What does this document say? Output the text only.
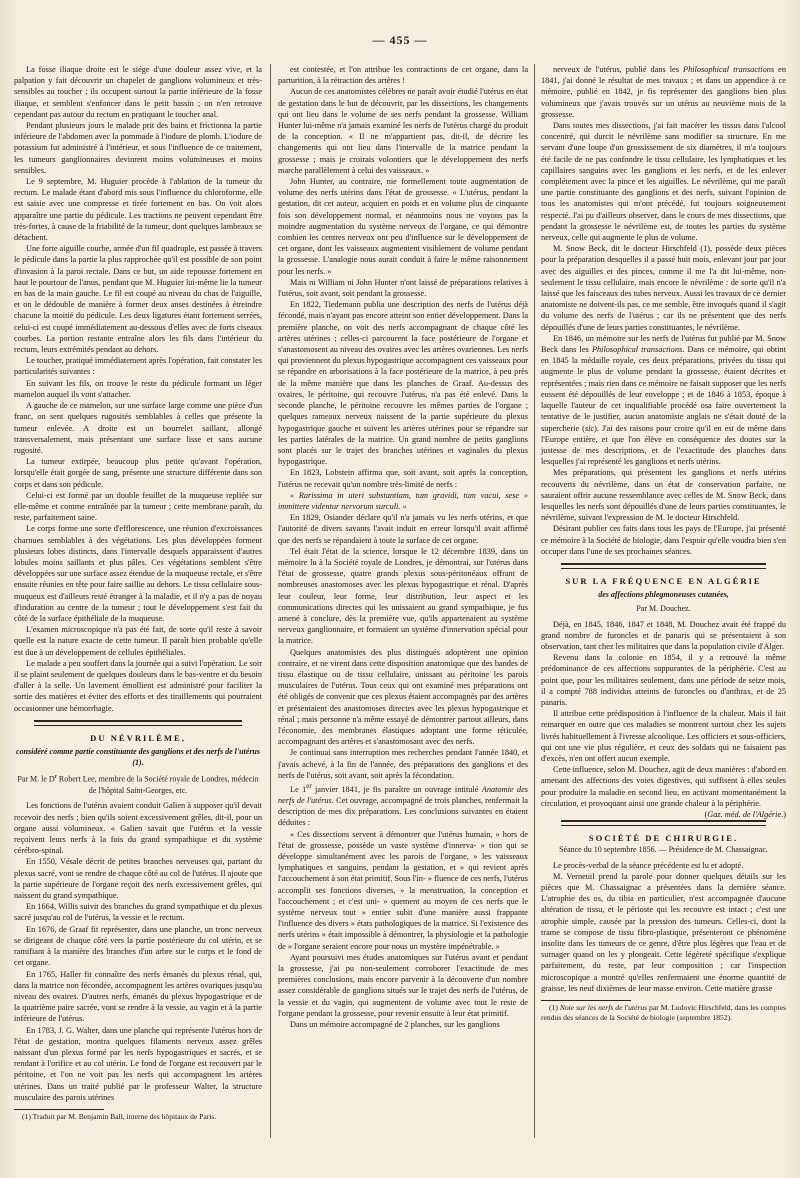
— 455 —

La fosse iliaque droite est le siége d'une douleur assez vive, et la palpation y fait découvrir un chapelet de ganglions volumineux et très-sensibles au toucher ; ils occupent surtout la partie inférieure de la fosse iliaque, et semblent s'enfoncer dans le petit bassin ; on n'en retrouve cependant pas autour du rectum en pratiquant le toucher anal.

Pendant plusieurs jours le malade prit des bains et frictionna la partie inférieure de l'abdomen avec la pommade à l'iodure de plomb. L'iodure de potassium fut administré à l'intérieur, et sous l'influence de ce traitement, les tumeurs ganglionnaires devinrent moins volumineuses et moins sensibles.

Le 9 septembre, M. Huguier procède à l'ablation de la tumeur du rectum. Le malade étant d'abord mis sous l'influence du chloroforme, elle est saisie avec une compresse et tirée fortement en bas. On voit alors apparaître une partie du pédicule. Les tractions ne peuvent cependant être très-fortes, à cause de la friabilité de la tumeur, dont quelques lambeaux se détachent.

Une forte aiguille courbe, armée d'un fil quadruple, est passée à travers le pédicule dans la partie la plus rapprochée qu'il est possible de son point d'invasion à la paroi rectale. Dans ce but, un aide repousse fortement en haut le pourtour de l'anus, pendant que M. Huguier lui-même lie la tumeur en bas de la main gauche. Le fil est coupé au niveau du chas de l'aiguille, et on le dédouble de manière à former deux anses destinées à étreindre chacune la moitié du pédicule. Les deux ligatures étant fortement serrées, celui-ci est coupé immédiatement au-dessous d'elles avec de forts ciseaux courbes. La portion restante entraîne alors les fils dans l'intérieur du rectum, leurs extrémités pendant au dehors.

Le toucher, pratiqué immédiatement après l'opération, fait constater les particularités suivantes :

En suivant les fils, on trouve le reste du pédicule formant un léger mamelon auquel ils vont s'attacher.

A gauche de ce mamelon, sur une surface large comme une pièce d'un franc, on sent quelques rugosités semblables à celles que présente la tumeur enlevée. A droite est un bourrelet saillant, allongé transversalement, mais présentant une surface lisse et sans aucune rugosité.

La tumeur extirpée, beaucoup plus petite qu'avant l'opération, lorsqu'elle était gorgée de sang, présente une structure différente dans son corps et dans son pédicule.

Celui-ci est formé par un double feuillet de la muqueuse repliée sur elle-même et comme entraînée par la tumeur ; cette membrane paraît, du reste, parfaitement saine.

Le corps forme une sorte d'efflorescence, une réunion d'excroissances charnues semblables à des végétations. Les plus développées forment plusieurs lobes distincts, dans l'intervalle desquels apparaissent d'autres lobules moins saillants et plus pâles. Ces végétations semblent s'être développées sur une surface assez étendue de la muqueuse rectale, et s'être ensuite réunies en tête pour faire saillie au dehors. Le tissu cellulaire sous-muqueux est d'ailleurs resté étranger à la maladie, et il n'y a pas de noyau d'induration au centre de la tumeur ; tout le développement s'est fait du côté de la surface épithéliale de la muqueuse.

L'examen microscopique n'a pas été fait, de sorte qu'il reste à savoir quelle est la nature exacte de cette tumeur. Il paraît bien probable qu'elle est due à un développement de cellules épithéliales.

Le malade a peu souffert dans la journée qui a suivi l'opération. Le soir il se plaint seulement de quelques douleurs dans le bas-ventre et du besoin d'aller à la selle. Un lavement émollient est administré pour faciliter la sortie des matières et éviter des efforts et des tiraillements qui pourraient occasionner une hémorrhagie.

DU NÉVRILÈME,

considéré comme partie constituante des ganglions et des nerfs de l'utérus (1).

Par M. le $D^r$ Robert Lee, membre de la Société royale de Londres, médecin de l'hôpital Saint-Georges, etc.

Les fonctions de l'utérus avaient conduit Galien à supposer qu'il devait recevoir des nerfs ; bien qu'ils soient excessivement grêles, dit-il, pour un organe aussi volumineux. « Galien savait que l'utérus et la vessie reçoivent leurs nerfs à la fois du grand sympathique et du système cérébro-spinal.

En 1550, Vésale décrit de petites branches nerveuses qui, partant du plexus sacré, vont se rendre de chaque côté au col de l'utérus. Il ajoute que la partie supérieure de l'organe reçoit des nerfs excessivement grêles, qui naissent du grand sympathique.

En 1664, Willis suivit des branches du grand sympathique et du plexus sacré jusqu'au col de l'utérus, la vessie et le rectum.

En 1676, de Graaf fit représenter, dans une planche, un tronc nerveux se dirigeant de chaque côté vers la partie postérieure du col utérin, et se ramifiant à la manière des branches d'un arbre sur le corps et le fond de cet organe.

En 1765, Haller fit connaître des nerfs émanés du plexus rénal, qui, dans la matrice non fécondée, accompagnent les artères ovariques jusqu'au niveau des ovaires. D'autres nerfs, émanés du plexus hypogastrique et de la quatrième paire sacrée, vont se rendre à la vessie, au vagin et à la partie inférieure de l'utérus.

En 1783, J. G. Walter, dans une planche qui représente l'utérus hors de l'état de gestation, montra quelques filaments nerveux assez grêles naissant d'un plexus formé par les nerfs hypogastriques et sacrés, et se rendant à l'orifice et au col utérin. Le fond de l'organe est recouvert par le péritoine, et l'on ne voit pas les nerfs qui accompagnent les artères utérines. Dans un traité publié par le professeur Walter, la structure musculaire des parois utérines

(1) Traduit par M. Benjamin Ball, interne des hôpitaux de Paris.

est contestée, et l'on attribue les contractions de cet organe, dans la parturition, à la rétraction des artères !

Aucun de ces anatomistes célèbres ne paraît avoir étudié l'utérus en état de gestation dans le but de découvrir, par les dissections, les changements qui ont lieu dans le volume de ses nerfs pendant la grossesse. William Hunter lui-même n'a jamais examiné les nerfs de l'utérus chargé du produit de la conception. « Il ne m'appartient pas, dit-il, de décrire les changements qui ont lieu dans l'intervalle de la matrice pendant la grossesse ; mais je croirais volontiers que le développement des nerfs marche parallèlement à celui des vaisseaux. »

John Hunter, au contraire, nie formellement toute augmentation de volume des nerfs utérins dans l'état de grossesse. « L'utérus, pendant la gestation, dit cet auteur, acquiert en poids et en volume plus de cinquante fois son développement normal, et néanmoins nous ne voyons pas la moindre augmentation du système nerveux de l'organe, ce qui démontre combien les centres nerveux ont peu d'influence sur le développement de cet organe, dont les vaisseaux augmentent visiblement de volume pendant la grossesse. L'analogie nous aurait conduit à faire le même raisonnement pour les nerfs. »

Mais ni William ni John Hunter n'ont laissé de préparations relatives à l'utérus, soit avant, soit pendant la grossesse.

En 1822, Tiedemann publia une description des nerfs de l'utérus déjà fécondé, mais n'ayant pas encore atteint son entier développement. Dans la première planche, on voit des nerfs accompagnant de chaque côté les artères utérines ; celles-ci parcourent la face postérieure de l'organe et s'anastomosent au niveau des ovaires avec les artères ovariennes. Les nerfs qui proviennent du plexus hypogastrique accompagnent ces vaisseaux pour se répandre en arborisations à la face postérieure de la matrice, à peu près de la même manière que dans les planches de Graaf. Au-dessus des ovaires, le péritoine, qui recouvre l'utérus, n'a pas été enlevé. Dans la seconde planche, le péritoine recouvre les mêmes parties de l'organe ; quelques rameaux nerveux naissent de la partie supérieure du plexus hypogastrique gauche et suivent les artères utérines pour se répandre sur les parties latérales de la matrice. Un grand nombre de petits ganglions sont placés sur le trajet des branches utérines et vaginales du plexus hypogastrique.

En 1823, Lobstein affirma que, soit avant, soit après la conception, l'utérus ne recevait qu'un nombre très-limité de nerfs :

« Rarissima in uteri substantiam, tum gravidi, tum vacui, sese » immittere videntur nervorum surculi. »

En 1829, Osiander déclare qu'il n'a jamais vu les nerfs utérins, et que l'autorité de divers savants l'avait induit en erreur lorsqu'il avait affirmé que des nerfs se répandaient à toute la surface de cet organe.

Tel était l'état de la science, lorsque le 12 décembre 1839, dans un mémoire lu à la Société royale de Londres, je démontrai, sur l'utérus dans l'état de grossesse, quatre grands plexus sous-péritonéaux offrant de nombreuses anastomoses avec les plexus hypogastrique et rénal. D'après leur couleur, leur forme, leur distribution, leur aspect et les communications directes qui les unissaient au grand sympathique, je fus amené à conclure, dès la première vue, qu'ils appartenaient au système nerveux ganglionnaire, et formaient un système d'innervation spécial pour la matrice.

Quelques anatomistes des plus distingués adoptèrent une opinion contraire, et ne virent dans cette disposition anatomique que des bandes de tissu élastique ou de tissu cellulaire, unissant au péritoine les parois musculaires de l'utérus. Tous ceux qui ont examiné mes préparations ont été obligés de convenir que ces plexus étaient accompagnés par des artères et présentaient des anastomoses directes avec les plexus hypogastrique et rénal ; mais personne n'a même essayé de démontrer partout ailleurs, dans l'économie, des membranes élastiques adoptant une forme réticulée, accompagnant des artères et s'anastomosant avec des nerfs.

Je continuai sans interruption mes recherches pendant l'année 1840, et j'avais achevé, à la fin de l'année, des préparations des ganglions et des nerfs de l'utérus, soit avant, soit après la fécondation.

Le 1er janvier 1841, je fis paraître un ouvrage intitulé Anatomie des nerfs de l'utérus. Cet ouvrage, accompagné de trois planches, renfermait la description de mes dix préparations. Les conclusions suivantes en étaient déduites :

« Ces dissections servent à démontrer que l'utérus humain, » hors de l'état de grossesse, possède un vaste système d'innerva- » tion qui se développe simultanément avec les parois de l'organe, » les vaisseaux lymphatiques et sanguins, pendant la gestation, et » qui revient après l'accouchement à son état primitif. Sous l'in- » fluence de ces nerfs, l'utérus accomplit ses fonctions diverses, » la menstruation, la conception et l'accouchement ; et c'est uni- » quement au moyen de ces nerfs que le système nerveux tout » entier subit d'une manière aussi frappante l'influence des divers » états pathologiques de la matrice. Si l'existence des nerfs utérins » était impossible à démontrer, la physiologie et la pathologie de » l'organe seraient encore pour nous un mystère impénétrable. »

Ayant poursuivi mes études anatomiques sur l'utérus avant et pendant la grossesse, j'ai pu non-seulement corroborer l'exactitude de mes premières conclusions, mais encore parvenir à la découverte d'un nombre assez considérable de ganglions situés sur le trajet des nerfs de l'utérus, de la vessie et du vagin, qui augmentent de volume avec tout le reste de l'organe pendant la grossesse, pour revenir ensuite à leur état primitif.

Dans un mémoire accompagné de 2 planches, sur les ganglions

nerveux de l'utérus, publié dans les Philosophical transactions en 1841, j'ai donné le résultat de mes travaux ; et dans un appendice à ce mémoire, publié en 1842, je fis représenter des ganglions bien plus volumineux que j'avais trouvés sur un utérus au neuvième mois de la grossesse.

Dans toutes mes dissections, j'ai fait macérer les tissus dans l'alcool concentré, qui durcit le névrilème sans modifier sa structure. En me servant d'une loupe d'un grossissement de six diamètres, il m'a toujours été facile de ne pas confondre le tissu cellulaire, les lymphatiques et les capillaires sanguins avec les ganglions et les nerfs, et de les enlever complétement avec la pince et les aiguilles. Le névrilème, qui me paraît une partie constituante des ganglions et des nerfs, suivant l'opinion de tous les anatomistes qui m'ont précédé, fut toujours soigneusement respecté. J'ai pu d'ailleurs observer, dans le cours de mes dissections, que pendant la grossesse le névrilème est, de toutes les parties du système nerveux, celle qui augmente le plus de volume.

M. Snow Beck, dit le docteur Hirschfeld (1), possède deux pièces pour la préparation desquelles il a passé huit mois, enlevant jour par jour avec des aiguilles et des pinces, comme il me l'a dit lui-même, non-seulement le tissu cellulaire, mais encore le névrilème : de sorte qu'il n'a laissé que les faisceaux des tubes nerveux. Aussi les travaux de ce dernier anatomiste ne doivent-ils pas, ce me semble, être invoqués quand il s'agit du volume des nerfs de l'utérus ; car ils ne présentent que des nerfs dépouillés d'une de leurs parties constituantes, le névrilème.

En 1846, un mémoire sur les nerfs de l'utérus fut publié par M. Snow Beck dans les Philosophical transactions. Dans ce mémoire, qui obtint en 1845 la médaille royale, ces deux préparations, privées du tissu qui augmente le plus de volume pendant la grossesse, étaient décrites et représentées ; mais rien dans ce mémoire ne faisait supposer que les nerfs eussent été dépouillés de leur enveloppe ; et de 1846 à 1853, époque à laquelle l'auteur de cet inqualifiable procédé osa faire ouvertement la tentative de le justifier, aucun anatomiste anglais ne s'était douté de la supercherie (sic). J'ai des raisons pour croire qu'il en est de même dans l'Europe entière, et que l'on élève en conséquence des doutes sur la justesse de mes descriptions, et de l'exactitude des planches dans lesquelles j'ai représenté les ganglions et nerfs utérins.

Mes préparations, qui présentent les ganglions et nerfs utérins recouverts du névrilème, dans un état de conservation parfaite, ne sauraient offrir aucune ressemblance avec celles de M. Snow Beck, dans lesquelles les nerfs sont dépouillés d'une de leurs parties constituantes, le névrilème, suivant l'expression de M. le docteur Hirschfeld.

Désirant publier ces faits dans tous les pays de l'Europe, j'ai présenté ce mémoire à la Société de biologie, dans l'espoir qu'elle voudra bien s'en occuper dans l'une de ses prochaines séances.

SUR LA FRÉQUENCE EN ALGÉRIE

des affections phlegmoneuses cutanées,

Par M. Douchez.

Déjà, en 1845, 1846, 1847 et 1848, M. Douchez avait été frappé du grand nombre de furoncles et de panaris qui se présentaient à son observation, tant chez les militaires que dans la population civile d'Alger.

Revenu dans la colonie en 1854, il y a retrouvé la même prédominance de ces affections suppurantes de la périphérie. C'est au point que, pour les militaires seulement, dans une période de seize mois, il a compté 788 individus atteints de furoncles ou d'anthrax, et de 25 panaris.

Il attribue cette prédisposition à l'influence de la chaleur. Mais il fait remarquer en outre que ces maladies se montrent surtout chez les sujets livrés habituellement à l'ivresse alcoolique. Les officiers et sous-officiers, qui ont une vie plus régulière, et ceux des soldats qui ne faisaient pas d'excès, n'en ont offert aucun exemple.

Cette influence, selon M. Douchez, agit de deux manières : d'abord en amenant des affections des voies digestives, qui suffisent à elles seules pour produire la maladie en second lieu, en activant momentanément la circulation, et provoquant ainsi une grande chaleur à la périphérie.
(Gaz. méd. de l'Algérie.)

SOCIÉTÉ DE CHIRURGIE.

Séance du 10 septembre 1856. — Présidence de M. Chassaignac.

Le procès-verbal de la séance précédente est lu et adopté.

M. Verneuil prend la parole pour donner quelques détails sur les pièces que M. Chassaignac a présentées dans la dernière séance. L'atrophie des os, du tibia en particulier, n'est accompagnée d'aucune altération de tissu, et le périoste qui les recouvre est intact ; c'est une atrophie simple, causée par la pression des tumeurs. Celles-ci, dont la trame se compose de tissu fibro-plastique, présenteront ce phénomène insolite dans les tumeurs de ce genre, d'être plus légères que l'eau et de surnager quand on les y plongeait. Cette légèreté spécifique s'explique parfaitement, du reste, par leur composition ; car l'inspection microscopique a montré qu'elles renfermaient une énorme quantité de graisse, les neuf dixièmes de leur masse environ. Cette matière grasse

(1) Note sur les nerfs de l'utérus par M. Ludovic Hirschfeld, dans les comptes rendus des séances de la Société de biologie (septembre 1852).
